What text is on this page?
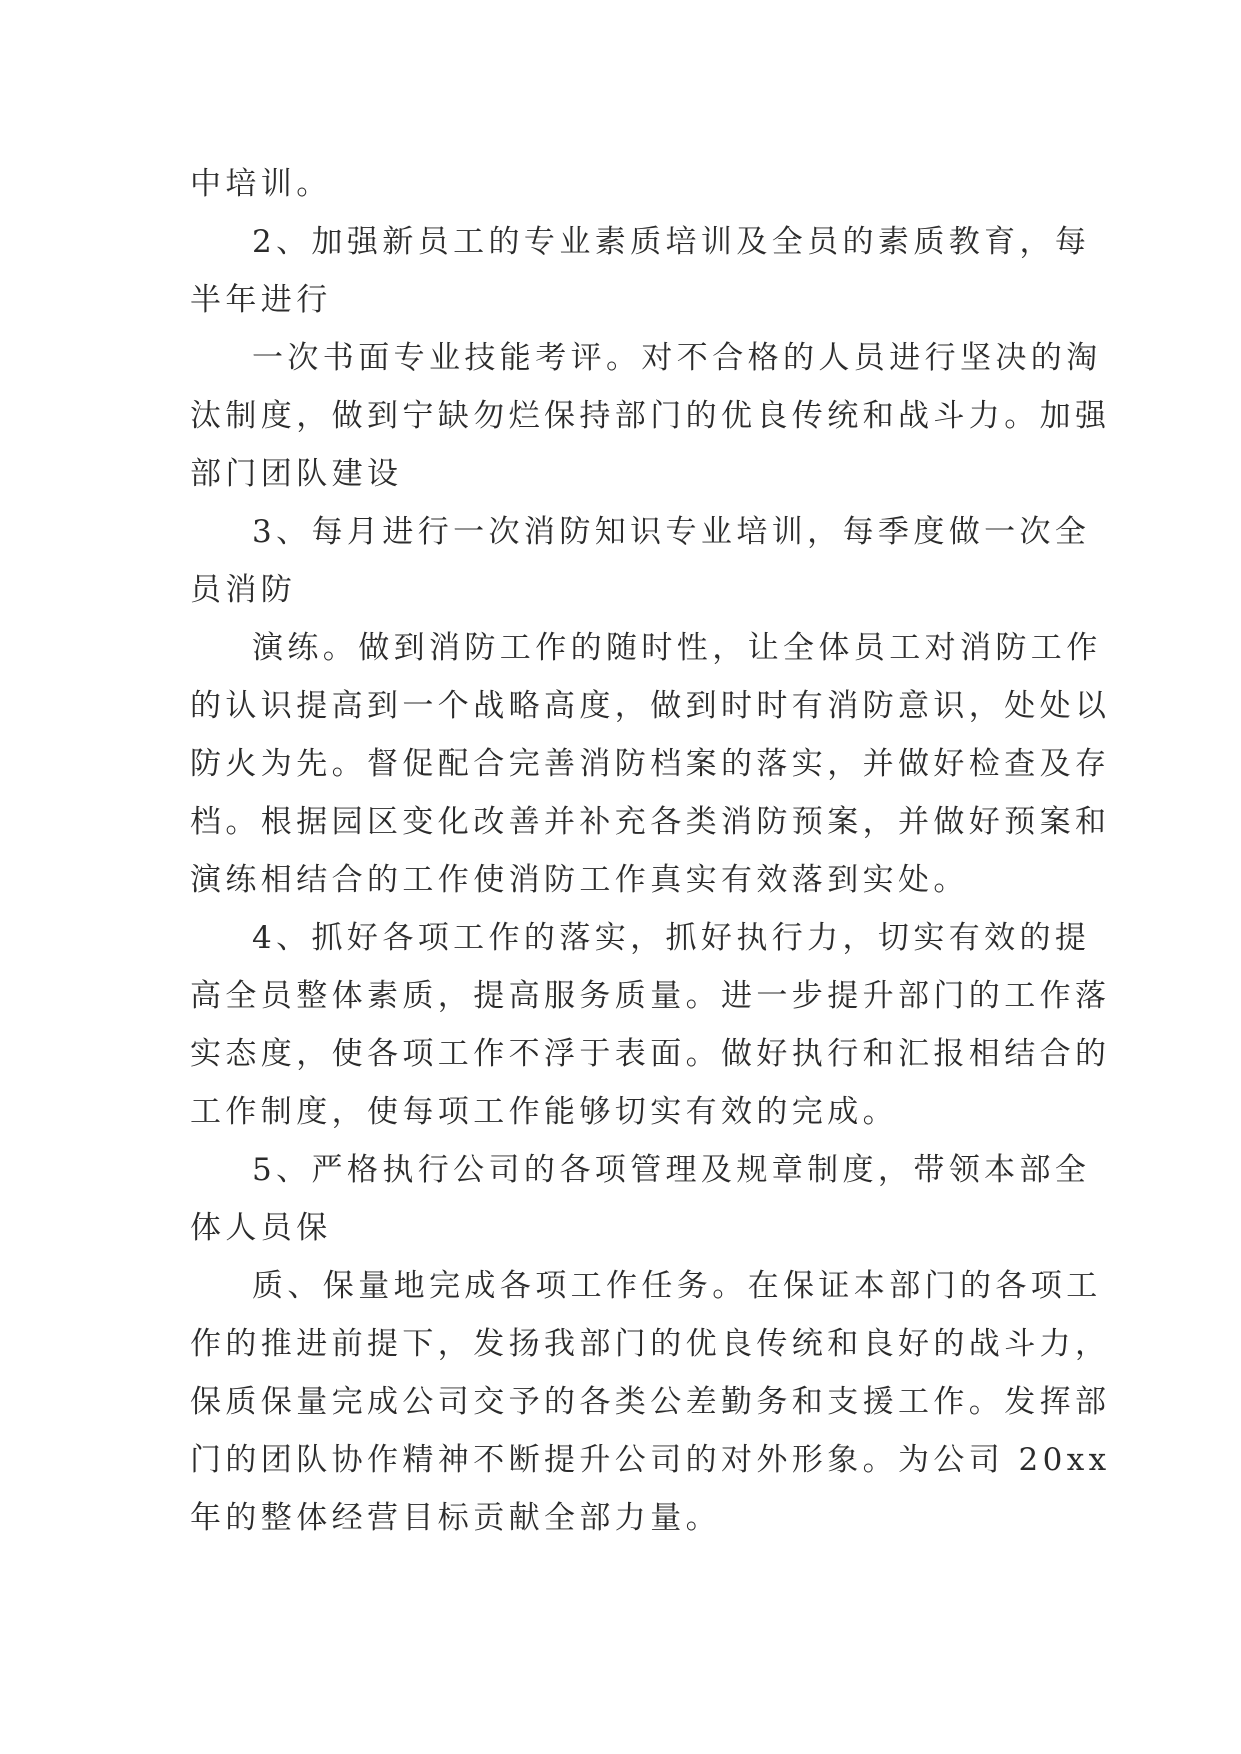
中培训。

2、加强新员工的专业素质培训及全员的素质教育，每

半年进行

一次书面专业技能考评。对不合格的人员进行坚决的淘

汰制度，做到宁缺勿烂保持部门的优良传统和战斗力。加强

部门团队建设

3、每月进行一次消防知识专业培训，每季度做一次全

员消防

演练。做到消防工作的随时性，让全体员工对消防工作

的认识提高到一个战略高度，做到时时有消防意识，处处以

防火为先。督促配合完善消防档案的落实，并做好检查及存

档。根据园区变化改善并补充各类消防预案，并做好预案和

演练相结合的工作使消防工作真实有效落到实处。

4、抓好各项工作的落实，抓好执行力，切实有效的提

高全员整体素质，提高服务质量。进一步提升部门的工作落

实态度，使各项工作不浮于表面。做好执行和汇报相结合的

工作制度，使每项工作能够切实有效的完成。

5、严格执行公司的各项管理及规章制度，带领本部全

体人员保

质、保量地完成各项工作任务。在保证本部门的各项工

作的推进前提下，发扬我部门的优良传统和良好的战斗力，

保质保量完成公司交予的各类公差勤务和支援工作。发挥部

门的团队协作精神不断提升公司的对外形象。为公司 20xx

年的整体经营目标贡献全部力量。
